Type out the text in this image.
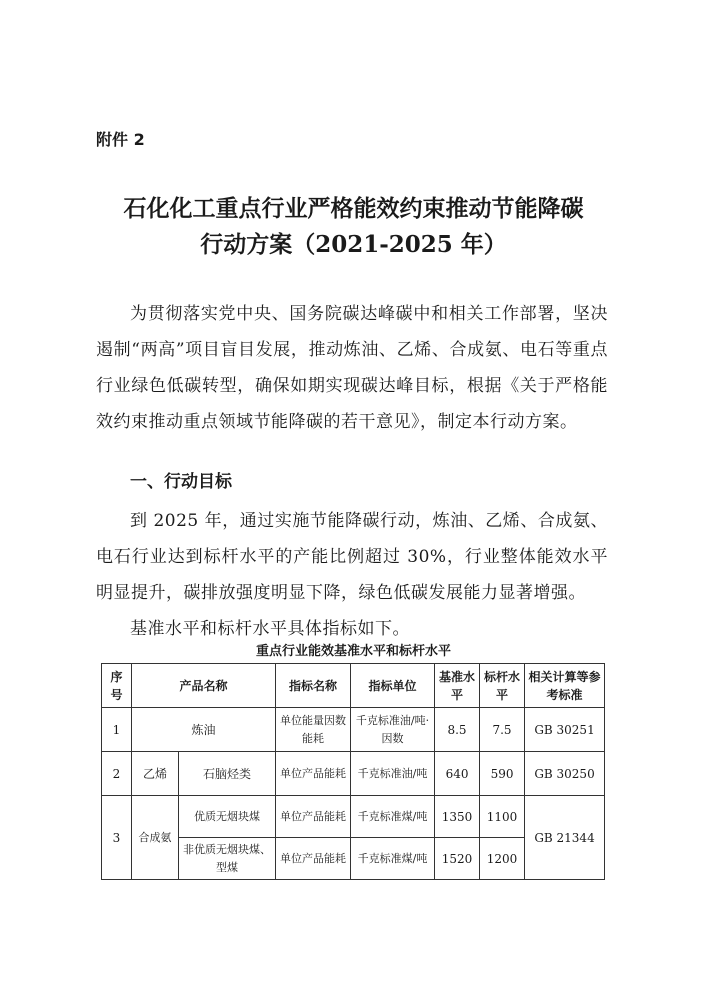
附件 2
石化化工重点行业严格能效约束推动节能降碳
行动方案（2021-2025 年）
为贯彻落实党中央、国务院碳达峰碳中和相关工作部署，坚决遏制“两高”项目盲目发展，推动炼油、乙烯、合成氨、电石等重点行业绿色低碳转型，确保如期实现碳达峰目标，根据《关于严格能效约束推动重点领域节能降碳的若干意见》，制定本行动方案。
一、行动目标
到 2025 年，通过实施节能降碳行动，炼油、乙烯、合成氨、电石行业达到标杆水平的产能比例超过 30%，行业整体能效水平明显提升，碳排放强度明显下降，绿色低碳发展能力显著增强。
基准水平和标杆水平具体指标如下。
重点行业能效基准水平和标杆水平
序号	产品名称		指标名称	指标单位	基准水平	标杆水平	相关计算等参考标准
1	炼油		单位能量因数能耗	千克标准油/吨·因数	8.5	7.5	GB 30251
2	乙烯	石脑烃类	单位产品能耗	千克标准油/吨	640	590	GB 30250
3	合成氨	优质无烟块煤	单位产品能耗	千克标准煤/吨	1350	1100	GB 21344
		非优质无烟块煤、型煤	单位产品能耗	千克标准煤/吨	1520	1200	
